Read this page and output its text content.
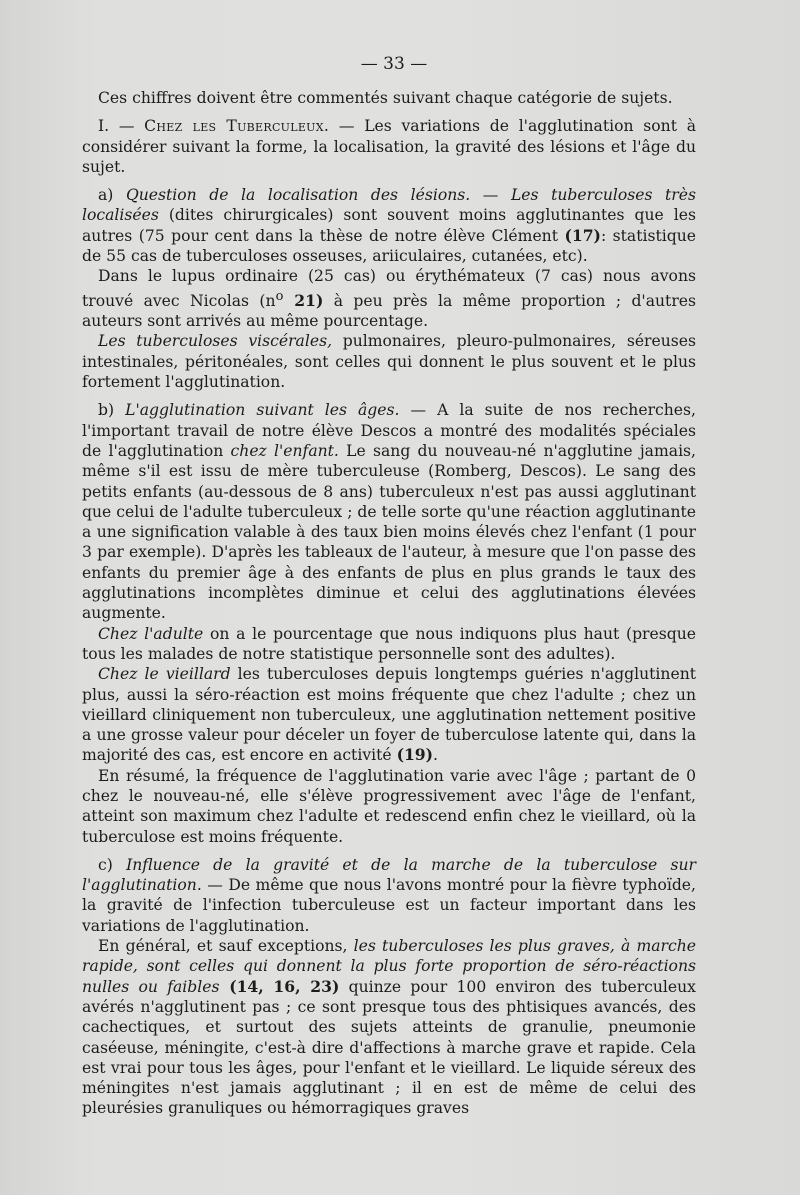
— 33 —

Ces chiffres doivent être commentés suivant chaque catégorie de sujets.

I. — Chez les Tuberculeux. — Les variations de l'agglutination sont à considérer suivant la forme, la localisation, la gravité des lésions et l'âge du sujet.

a) Question de la localisation des lésions. — Les tuberculoses très localisées (dites chirurgicales) sont souvent moins agglutinantes que les autres (75 pour cent dans la thèse de notre élève Clément (17): statistique de 55 cas de tuberculoses osseuses, ariiculaires, cutanées, etc).

Dans le lupus ordinaire (25 cas) ou érythémateux (7 cas) nous avons trouvé avec Nicolas ($n^o$ 21) à peu près la même proportion ; d'autres auteurs sont arrivés au même pourcentage.

Les tuberculoses viscérales, pulmonaires, pleuro-pulmonaires, séreuses intestinales, péritonéales, sont celles qui donnent le plus souvent et le plus fortement l'agglutination.

b) L'agglutination suivant les âges. — A la suite de nos recherches, l'important travail de notre élève Descos a montré des modalités spéciales de l'agglutination chez l'enfant. Le sang du nouveau-né n'agglutine jamais, même s'il est issu de mère tuberculeuse (Romberg, Descos). Le sang des petits enfants (au-dessous de 8 ans) tuberculeux n'est pas aussi agglutinant que celui de l'adulte tuberculeux ; de telle sorte qu'une réaction agglutinante a une signification valable à des taux bien moins élevés chez l'enfant (1 pour 3 par exemple). D'après les tableaux de l'auteur, à mesure que l'on passe des enfants du premier âge à des enfants de plus en plus grands le taux des agglutinations incomplètes diminue et celui des agglutinations élevées augmente.

Chez l'adulte on a le pourcentage que nous indiquons plus haut (presque tous les malades de notre statistique personnelle sont des adultes).

Chez le vieillard les tuberculoses depuis longtemps guéries n'agglutinent plus, aussi la séro-réaction est moins fréquente que chez l'adulte ; chez un vieillard cliniquement non tuberculeux, une agglutination nettement positive a une grosse valeur pour déceler un foyer de tuberculose latente qui, dans la majorité des cas, est encore en activité (19).

En résumé, la fréquence de l'agglutination varie avec l'âge ; partant de 0 chez le nouveau-né, elle s'élève progressivement avec l'âge de l'enfant, atteint son maximum chez l'adulte et redescend enfin chez le vieillard, où la tuberculose est moins fréquente.

c) Influence de la gravité et de la marche de la tuberculose sur l'agglutination. — De même que nous l'avons montré pour la fièvre typhoïde, la gravité de l'infection tuberculeuse est un facteur important dans les variations de l'agglutination.

En général, et sauf exceptions, les tuberculoses les plus graves, à marche rapide, sont celles qui donnent la plus forte proportion de séro-réactions nulles ou faibles (14, 16, 23) quinze pour 100 environ des tuberculeux avérés n'agglutinent pas ; ce sont presque tous des phtisiques avancés, des cachectiques, et surtout des sujets atteints de granulie, pneumonie caséeuse, méningite, c'est-à dire d'affections à marche grave et rapide. Cela est vrai pour tous les âges, pour l'enfant et le vieillard. Le liquide séreux des méningites n'est jamais agglutinant ; il en est de même de celui des pleurésies granuliques ou hémorragiques graves
